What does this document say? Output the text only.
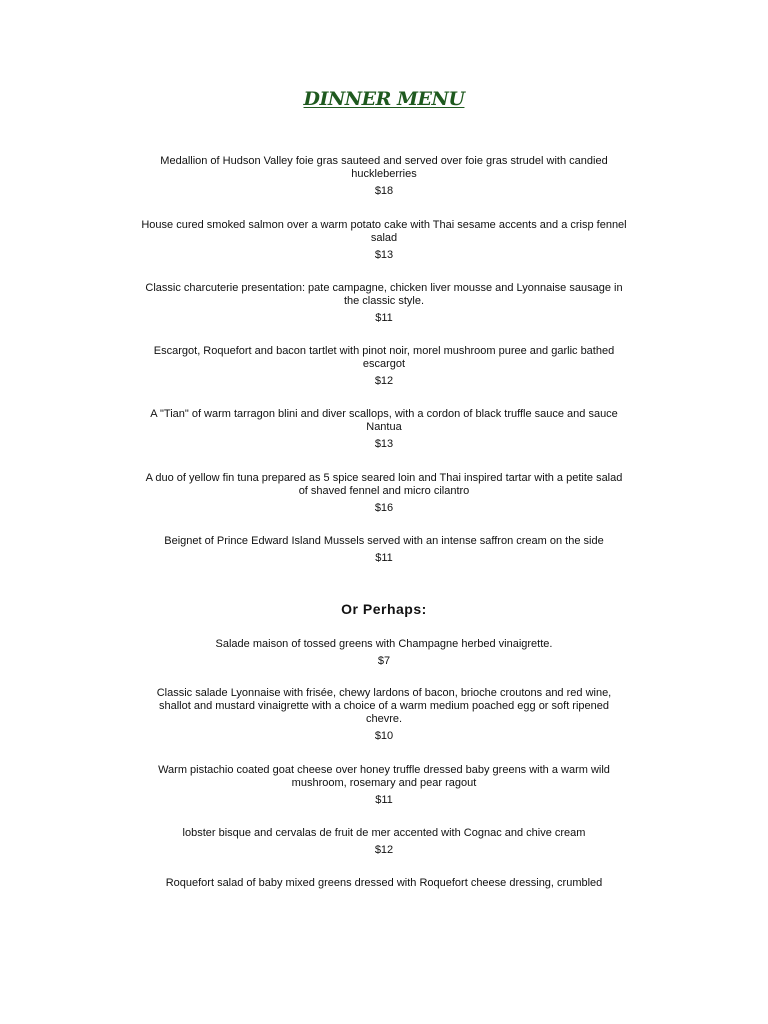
DINNER MENU
Medallion of Hudson Valley foie gras sauteed and served over foie gras strudel with candied huckleberries
$18
House cured smoked salmon over a warm potato cake with Thai sesame accents and a crisp fennel salad
$13
Classic charcuterie presentation: pate campagne, chicken liver mousse and Lyonnaise sausage in the classic style.
$11
Escargot, Roquefort and bacon tartlet with pinot noir, morel mushroom puree and garlic bathed escargot
$12
A "Tian" of warm tarragon blini and diver scallops, with a cordon of black truffle sauce and sauce Nantua
$13
A duo of yellow fin tuna prepared as 5 spice seared loin and Thai inspired tartar with a petite salad of shaved fennel and micro cilantro
$16
Beignet of Prince Edward Island Mussels served with an intense saffron cream on the side
$11
Or Perhaps:
Salade maison of tossed greens with Champagne herbed vinaigrette.
$7
Classic salade Lyonnaise with frisée, chewy lardons of bacon, brioche croutons and red wine, shallot and mustard vinaigrette with a choice of a warm medium poached egg or soft ripened chevre.
$10
Warm pistachio coated goat cheese over honey truffle dressed baby greens with a warm wild mushroom, rosemary and pear ragout
$11
lobster bisque and cervalas de fruit de mer accented with Cognac and chive cream
$12
Roquefort salad of baby mixed greens dressed with Roquefort cheese dressing, crumbled
